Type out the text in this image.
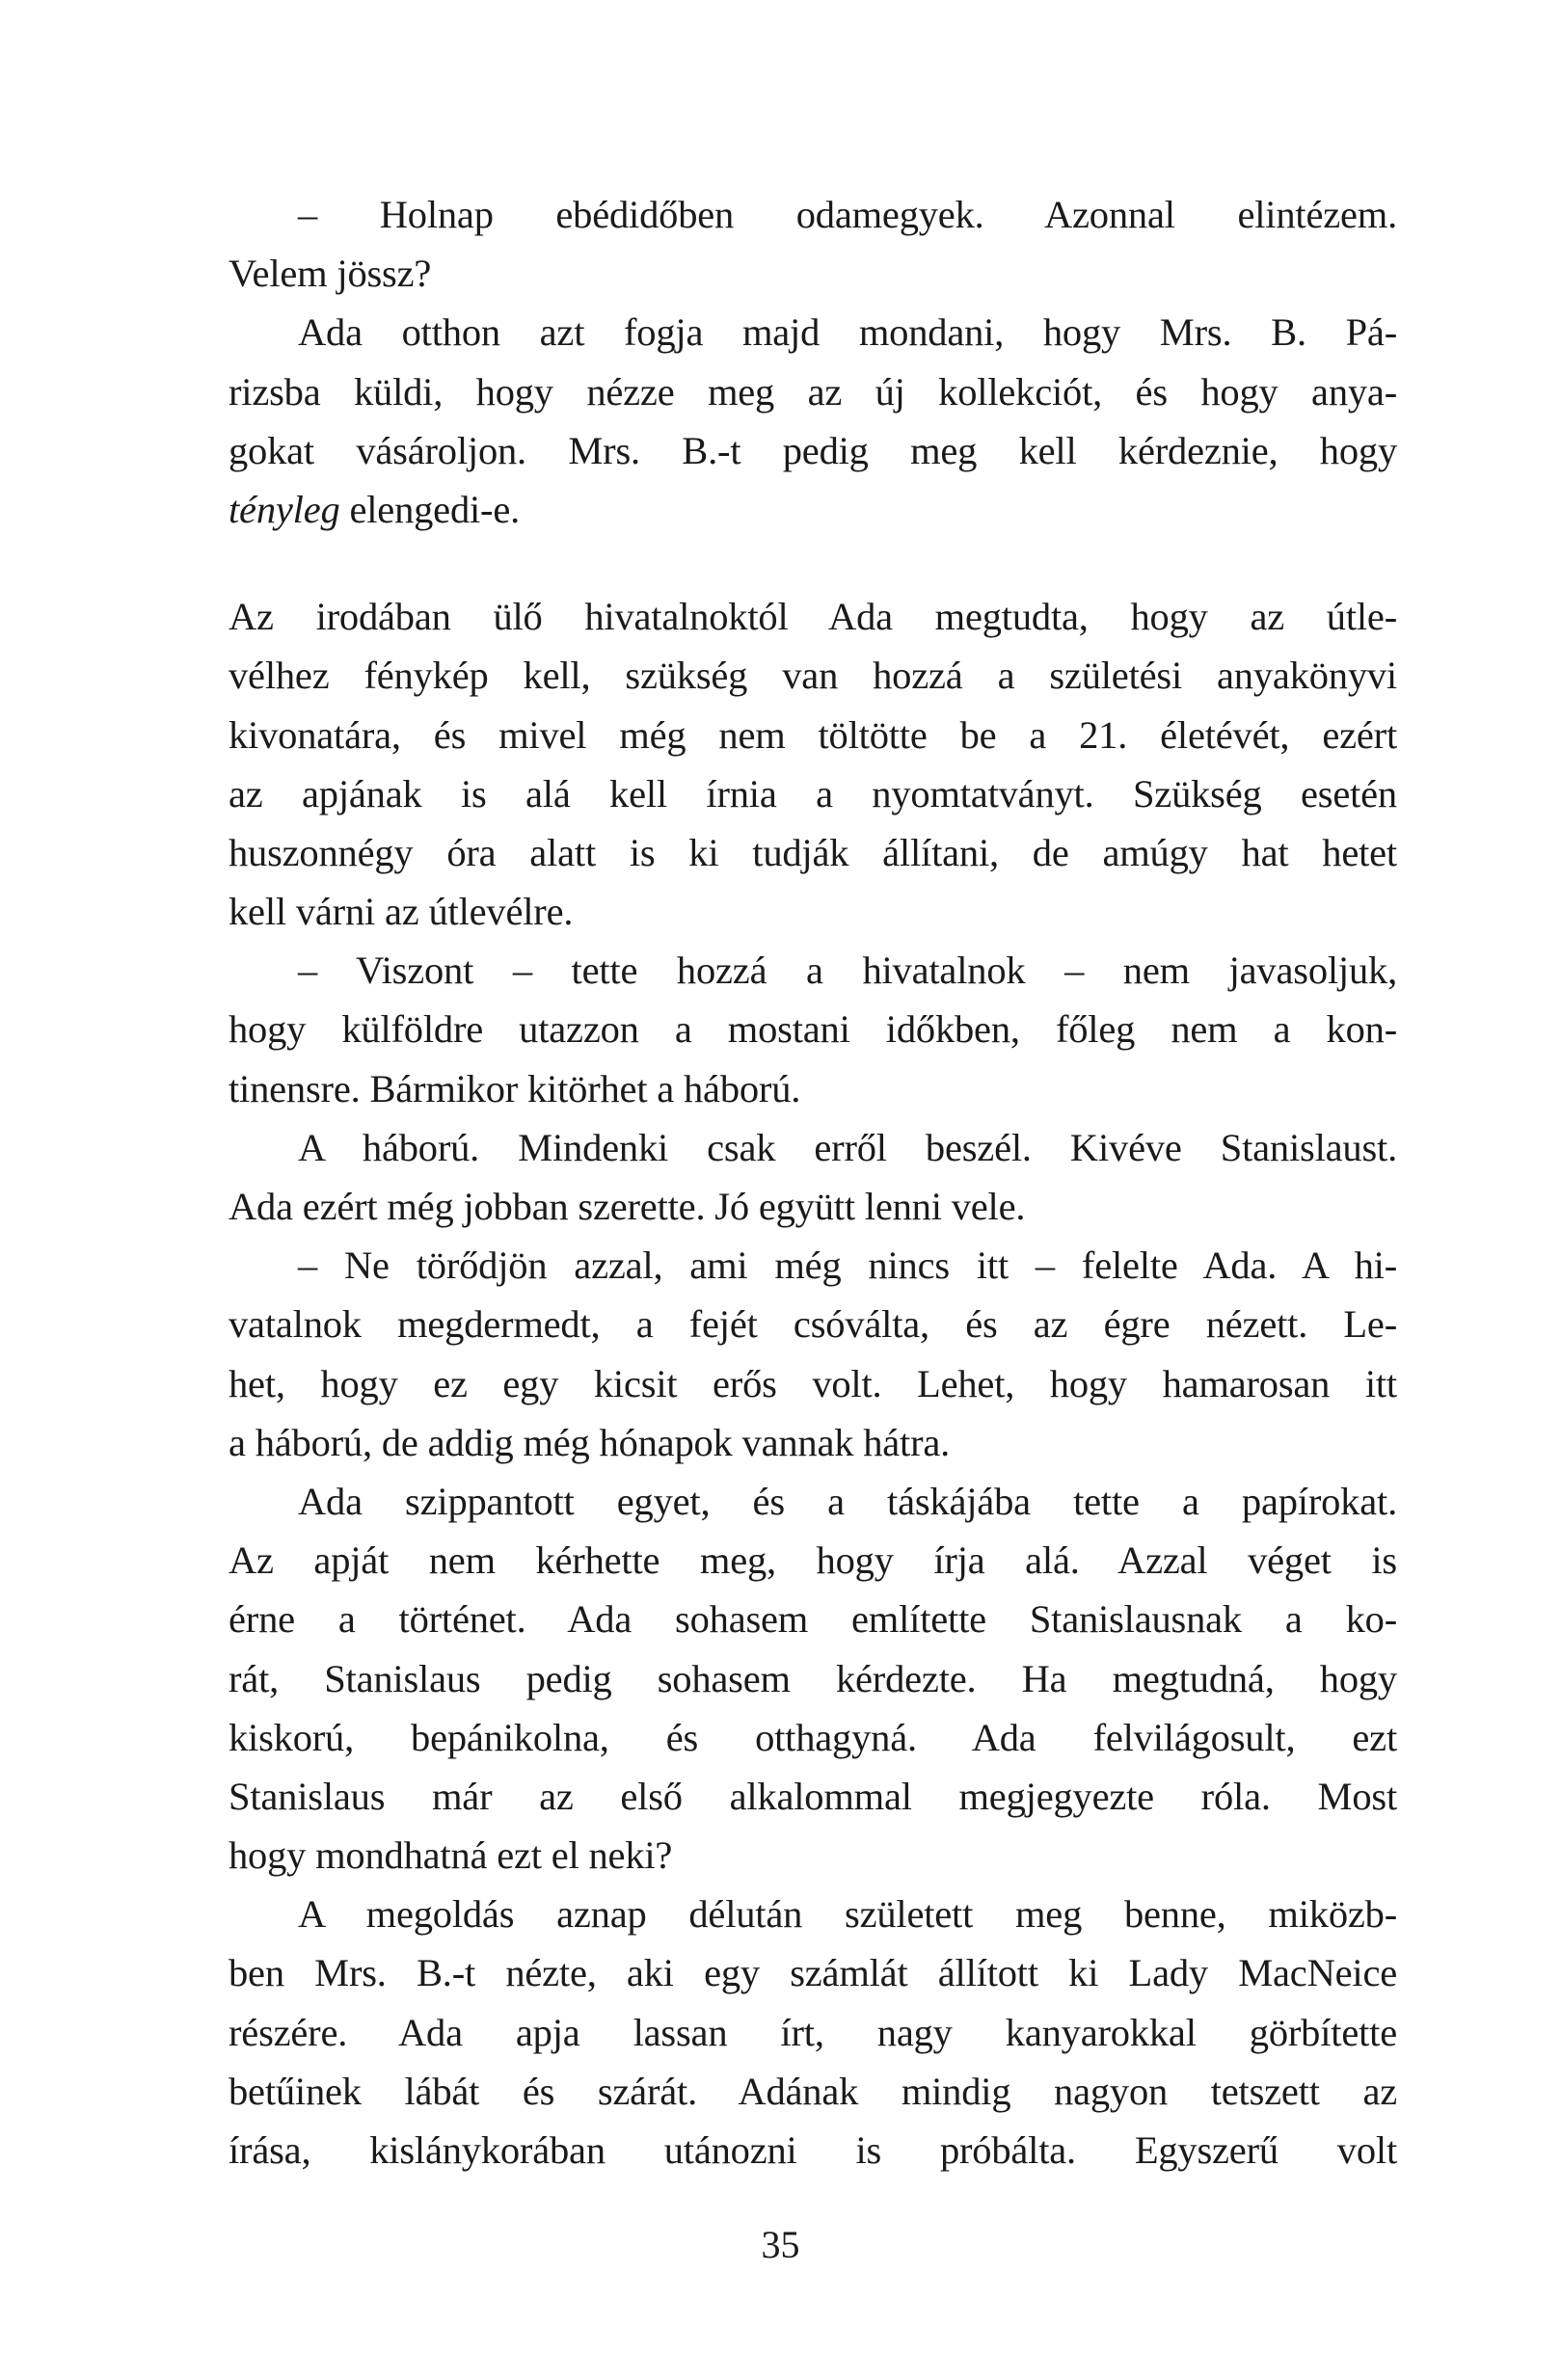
– Holnap ebédidőben odamegyek. Azonnal elintézem.
Velem jössz?
Ada otthon azt fogja majd mondani, hogy Mrs. B. Pá-
rizsba küldi, hogy nézze meg az új kollekciót, és hogy anya-
gokat vásároljon. Mrs. B.-t pedig meg kell kérdeznie, hogy
tényleg elengedi-e.
Az irodában ülő hivatalnoktól Ada megtudta, hogy az útle-
vélhez fénykép kell, szükség van hozzá a születési anyakönyvi
kivonatára, és mivel még nem töltötte be a 21. életévét, ezért
az apjának is alá kell írnia a nyomtatványt. Szükség esetén
huszonnégy óra alatt is ki tudják állítani, de amúgy hat hetet
kell várni az útlevélre.
– Viszont – tette hozzá a hivatalnok – nem javasoljuk,
hogy külföldre utazzon a mostani időkben, főleg nem a kon-
tinensre. Bármikor kitörhet a háború.
A háború. Mindenki csak erről beszél. Kivéve Stanislaust.
Ada ezért még jobban szerette. Jó együtt lenni vele.
– Ne törődjön azzal, ami még nincs itt – felelte Ada. A hi-
vatalnok megdermedt, a fejét csóválta, és az égre nézett. Le-
het, hogy ez egy kicsit erős volt. Lehet, hogy hamarosan itt
a háború, de addig még hónapok vannak hátra.
Ada szippantott egyet, és a táskájába tette a papírokat.
Az apját nem kérhette meg, hogy írja alá. Azzal véget is
érne a történet. Ada sohasem említette Stanislausnak a ko-
rát, Stanislaus pedig sohasem kérdezte. Ha megtudná, hogy
kiskorú, bepánikolna, és otthagyná. Ada felvilágosult, ezt
Stanislaus már az első alkalommal megjegyezte róla. Most
hogy mondhatná ezt el neki?
A megoldás aznap délután született meg benne, miközb-
ben Mrs. B.-t nézte, aki egy számlát állított ki Lady MacNeice
részére. Ada apja lassan írt, nagy kanyarokkal görbítette
betűinek lábát és szárát. Adának mindig nagyon tetszett az
írása, kislánykorában utánozni is próbálta. Egyszerű volt
35
